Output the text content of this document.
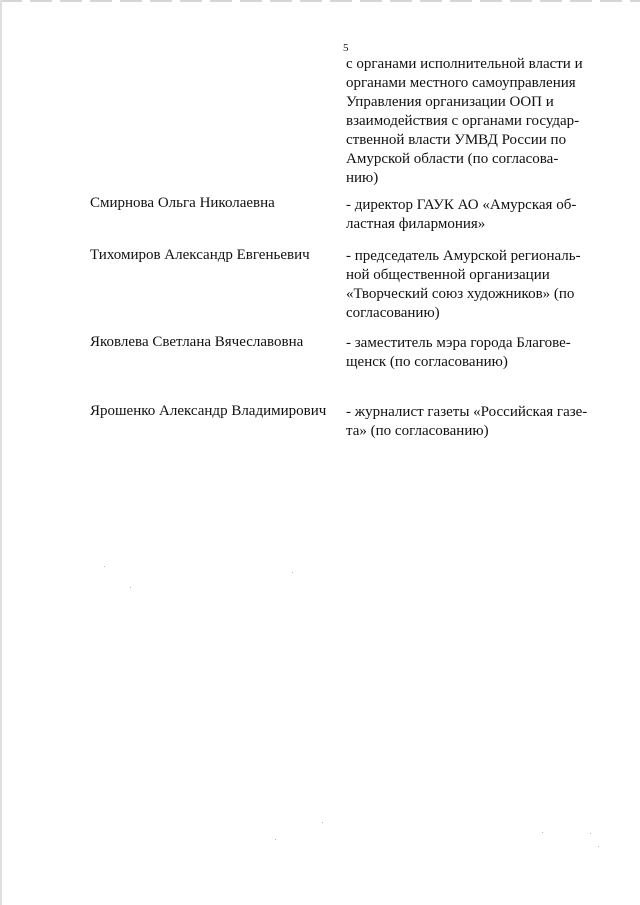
5
с органами исполнительной власти и
органами местного самоуправления
Управления организации ООП и
взаимодействия с органами государ-
ственной власти УМВД России по
Амурской области (по согласова-
нию)
Смирнова Ольга Николаевна	- директор ГАУК АО «Амурская об-
ластная филармония»
Тихомиров Александр Евгеньевич	- председатель Амурской региональ-
ной общественной организации
«Творческий союз художников» (по
согласованию)
Яковлева Светлана Вячеславовна	- заместитель мэра города Благове-
щенск (по согласованию)
Ярошенко Александр Владимирович	- журналист газеты «Российская газе-
та» (по согласованию)
